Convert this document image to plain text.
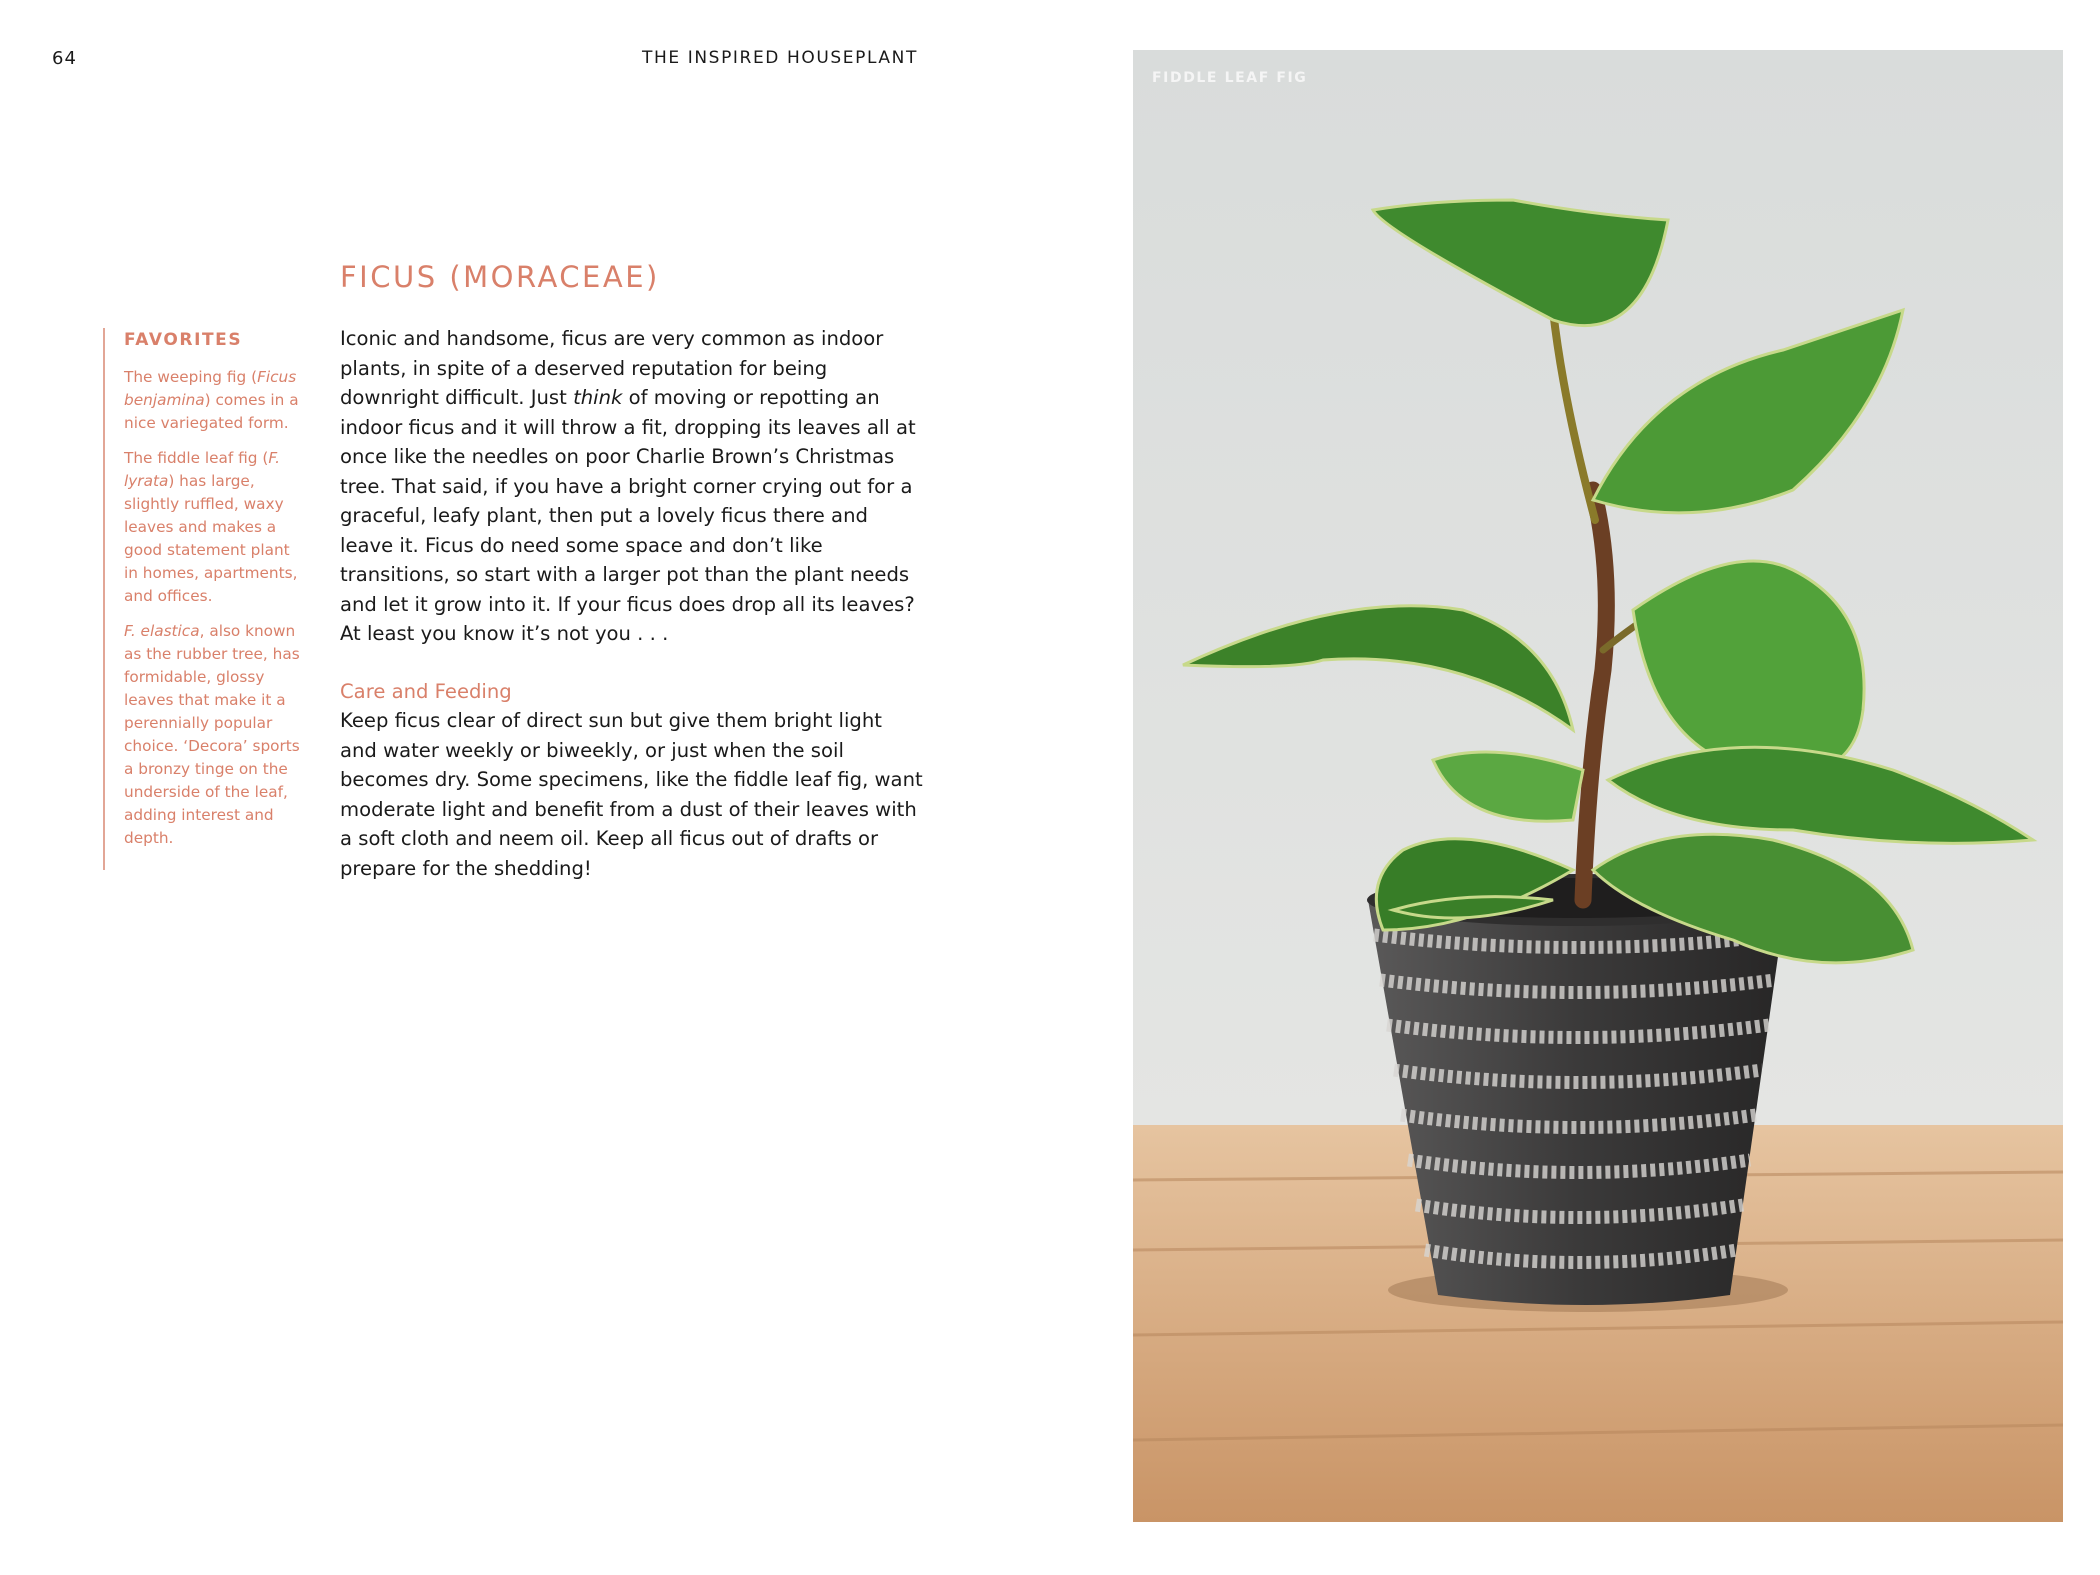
64	THE INSPIRED HOUSEPLANT
FICUS (MORACEAE)
FAVORITES

The weeping fig (Ficus benjamina) comes in a nice variegated form.

The fiddle leaf fig (F. lyrata) has large, slightly ruffled, waxy leaves and makes a good statement plant in homes, apartments, and offices.

F. elastica, also known as the rubber tree, has formidable, glossy leaves that make it a perennially popular choice. ‘Decora’ sports a bronzy tinge on the underside of the leaf, adding interest and depth.

Iconic and handsome, ficus are very common as indoor plants, in spite of a deserved reputation for being downright difficult. Just think of moving or repotting an indoor ficus and it will throw a fit, dropping its leaves all at once like the needles on poor Charlie Brown’s Christmas tree. That said, if you have a bright corner crying out for a graceful, leafy plant, then put a lovely ficus there and leave it. Ficus do need some space and don’t like transitions, so start with a larger pot than the plant needs and let it grow into it. If your ficus does drop all its leaves? At least you know it’s not you . . .

Care and Feeding

Keep ficus clear of direct sun but give them bright light and water weekly or biweekly, or just when the soil becomes dry. Some specimens, like the fiddle leaf fig, want moderate light and benefit from a dust of their leaves with a soft cloth and neem oil. Keep all ficus out of drafts or prepare for the shedding!

FIDDLE LEAF FIG
